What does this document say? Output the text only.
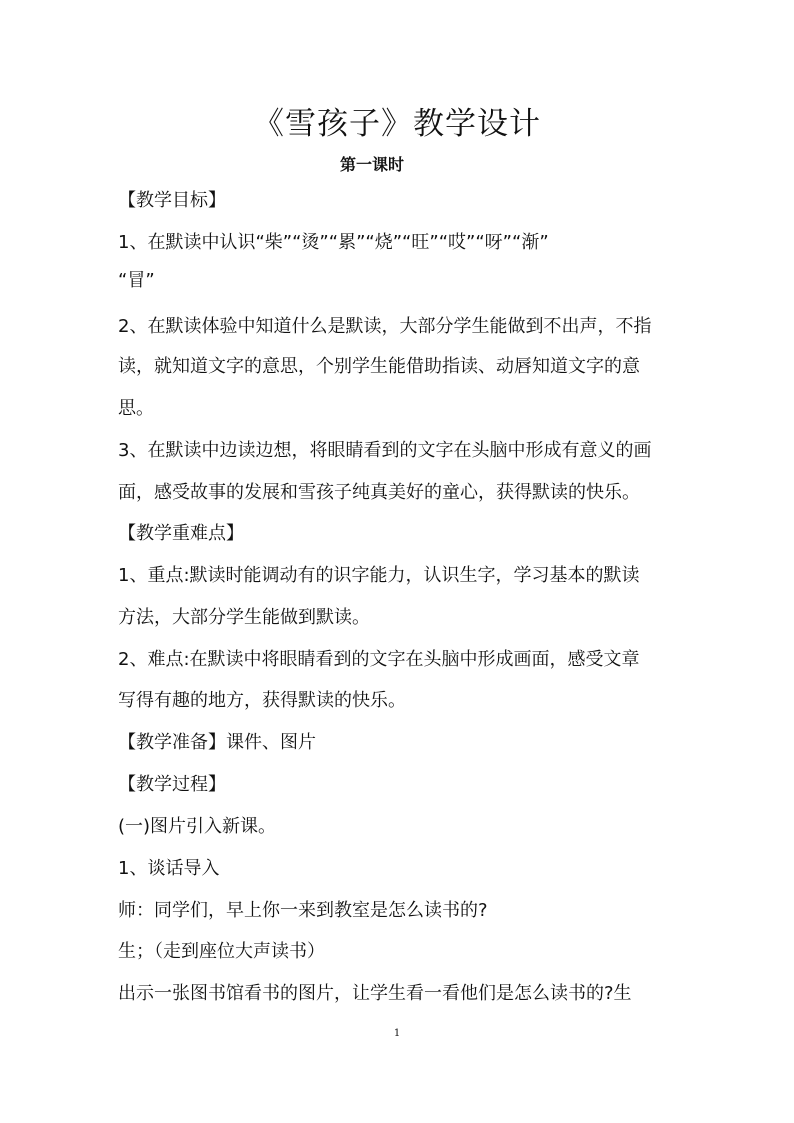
《雪孩子》教学设计
第一课时
【教学目标】
1、在默读中认识“柴”“烫”“累”“烧”“旺”“哎”“呀”“渐”
“冒”
2、在默读体验中知道什么是默读，大部分学生能做到不出声，不指
读，就知道文字的意思，个别学生能借助指读、动唇知道文字的意
思。
3、在默读中边读边想，将眼睛看到的文字在头脑中形成有意义的画
面，感受故事的发展和雪孩子纯真美好的童心，获得默读的快乐。
【教学重难点】
1、重点:默读时能调动有的识字能力，认识生字，学习基本的默读
方法，大部分学生能做到默读。
2、难点:在默读中将眼睛看到的文字在头脑中形成画面，感受文章
写得有趣的地方，获得默读的快乐。
【教学准备】课件、图片
【教学过程】
(一)图片引入新课。
1、谈话导入
师：同学们，早上你一来到教室是怎么读书的?
生；（走到座位大声读书）
出示一张图书馆看书的图片，让学生看一看他们是怎么读书的?生
1
